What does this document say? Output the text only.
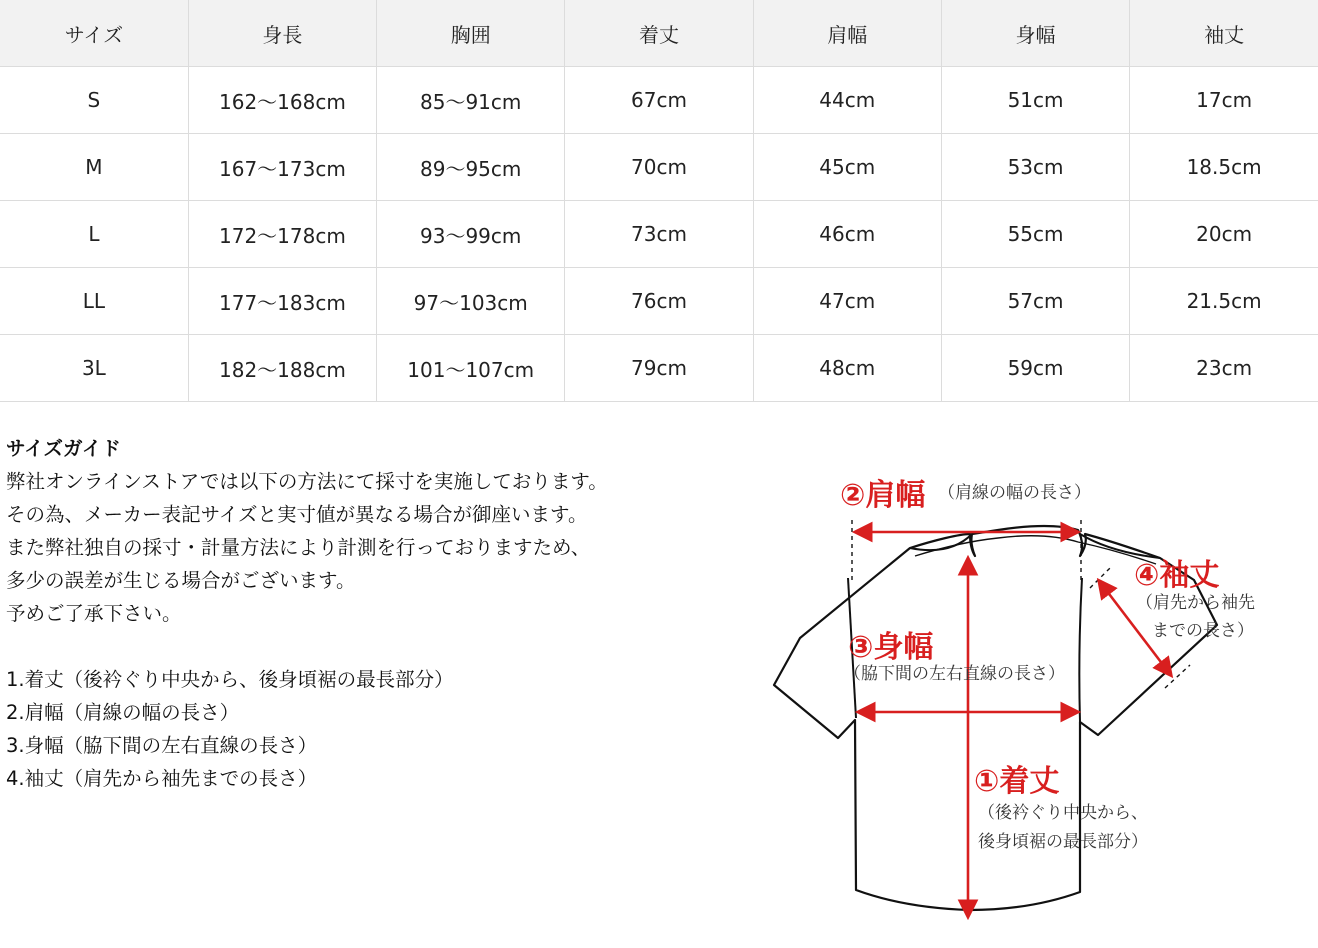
サイズ	身長	胸囲	着丈	肩幅	身幅	袖丈
S	162〜168cm	85〜91cm	67cm	44cm	51cm	17cm
M	167〜173cm	89〜95cm	70cm	45cm	53cm	18.5cm
L	172〜178cm	93〜99cm	73cm	46cm	55cm	20cm
LL	177〜183cm	97〜103cm	76cm	47cm	57cm	21.5cm
3L	182〜188cm	101〜107cm	79cm	48cm	59cm	23cm

サイズガイド

弊社オンラインストアでは以下の方法にて採寸を実施しております。

その為、メーカー表記サイズと実寸値が異なる場合が御座います。

また弊社独自の採寸・計量方法により計測を行っておりますため、

多少の誤差が生じる場合がございます。

予めご了承下さい。

1.着丈（後衿ぐり中央から、後身頃裾の最長部分）

2.肩幅（肩線の幅の長さ）

3.身幅（脇下間の左右直線の長さ）

4.袖丈（肩先から袖先までの長さ）

②肩幅 （肩線の幅の長さ）
④袖丈
（肩先から袖先
までの長さ）
③身幅
（脇下間の左右直線の長さ）
①着丈
（後衿ぐり中央から、
後身頃裾の最長部分）
